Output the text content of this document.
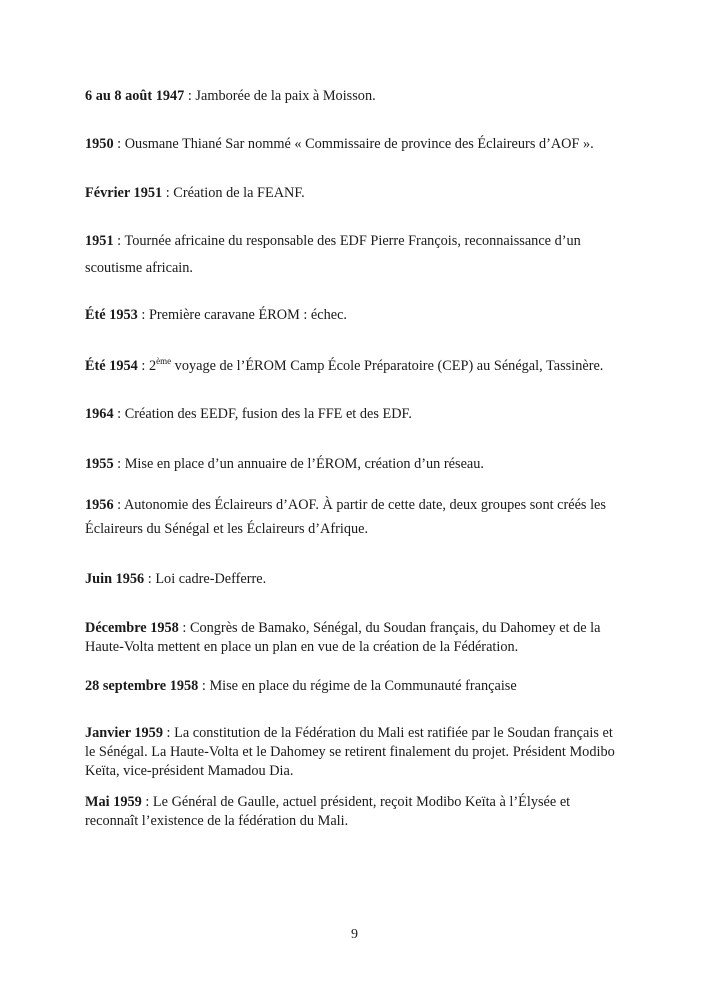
6 au 8 août 1947 : Jamborée de la paix à Moisson.

1950 : Ousmane Thiané Sar nommé « Commissaire de province des Éclaireurs d’AOF ».

Février 1951 : Création de la FEANF.

1951 : Tournée africaine du responsable des EDF Pierre François, reconnaissance d’un scoutisme africain.

Été 1953 : Première caravane ÉROM : échec.

Été 1954 : 2ème voyage de l’ÉROM Camp École Préparatoire (CEP) au Sénégal, Tassinère.

1964 : Création des EEDF, fusion des la FFE et des EDF.

1955 : Mise en place d’un annuaire de l’ÉROM, création d’un réseau.

1956 : Autonomie des Éclaireurs d’AOF. À partir de cette date, deux groupes sont créés les Éclaireurs du Sénégal et les Éclaireurs d’Afrique.

Juin 1956 : Loi cadre-Defferre.

Décembre 1958 : Congrès de Bamako, Sénégal, du Soudan français, du Dahomey et de la Haute-Volta mettent en place un plan en vue de la création de la Fédération.

28 septembre 1958 : Mise en place du régime de la Communauté française

Janvier 1959 : La constitution de la Fédération du Mali est ratifiée par le Soudan français et le Sénégal. La Haute-Volta et le Dahomey se retirent finalement du projet. Président Modibo Keïta, vice-président Mamadou Dia.

Mai 1959 : Le Général de Gaulle, actuel président, reçoit Modibo Keïta à l’Élysée et reconnaît l’existence de la fédération du Mali.

9
